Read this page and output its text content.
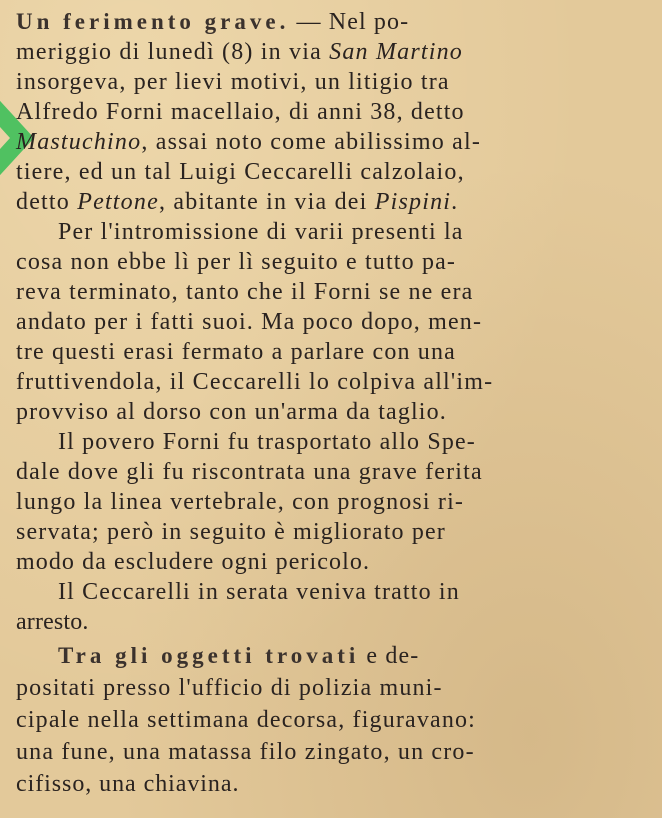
Un ferimento grave. — Nel po-
meriggio di lunedì (8) in via San Martino
insorgeva, per lievi motivi, un litigio tra
Alfredo Forni macellaio, di anni 38, detto
Mastuchino, assai noto come abilissimo al-
tiere, ed un tal Luigi Ceccarelli calzolaio,
detto Pettone, abitante in via dei Pispini.
Per l'intromissione di varii presenti la
cosa non ebbe lì per lì seguito e tutto pa-
reva terminato, tanto che il Forni se ne era
andato per i fatti suoi. Ma poco dopo, men-
tre questi erasi fermato a parlare con una
fruttivendola, il Ceccarelli lo colpiva all'im-
provviso al dorso con un'arma da taglio.
Il povero Forni fu trasportato allo Spe-
dale dove gli fu riscontrata una grave ferita
lungo la linea vertebrale, con prognosi ri-
servata; però in seguito è migliorato per
modo da escludere ogni pericolo.
Il Ceccarelli in serata veniva tratto in
arresto.
Tra gli oggetti trovati e de-
positati presso l'ufficio di polizia muni-
cipale nella settimana decorsa, figuravano:
una fune, una matassa filo zingato, un cro-
cifisso, una chiavina.
